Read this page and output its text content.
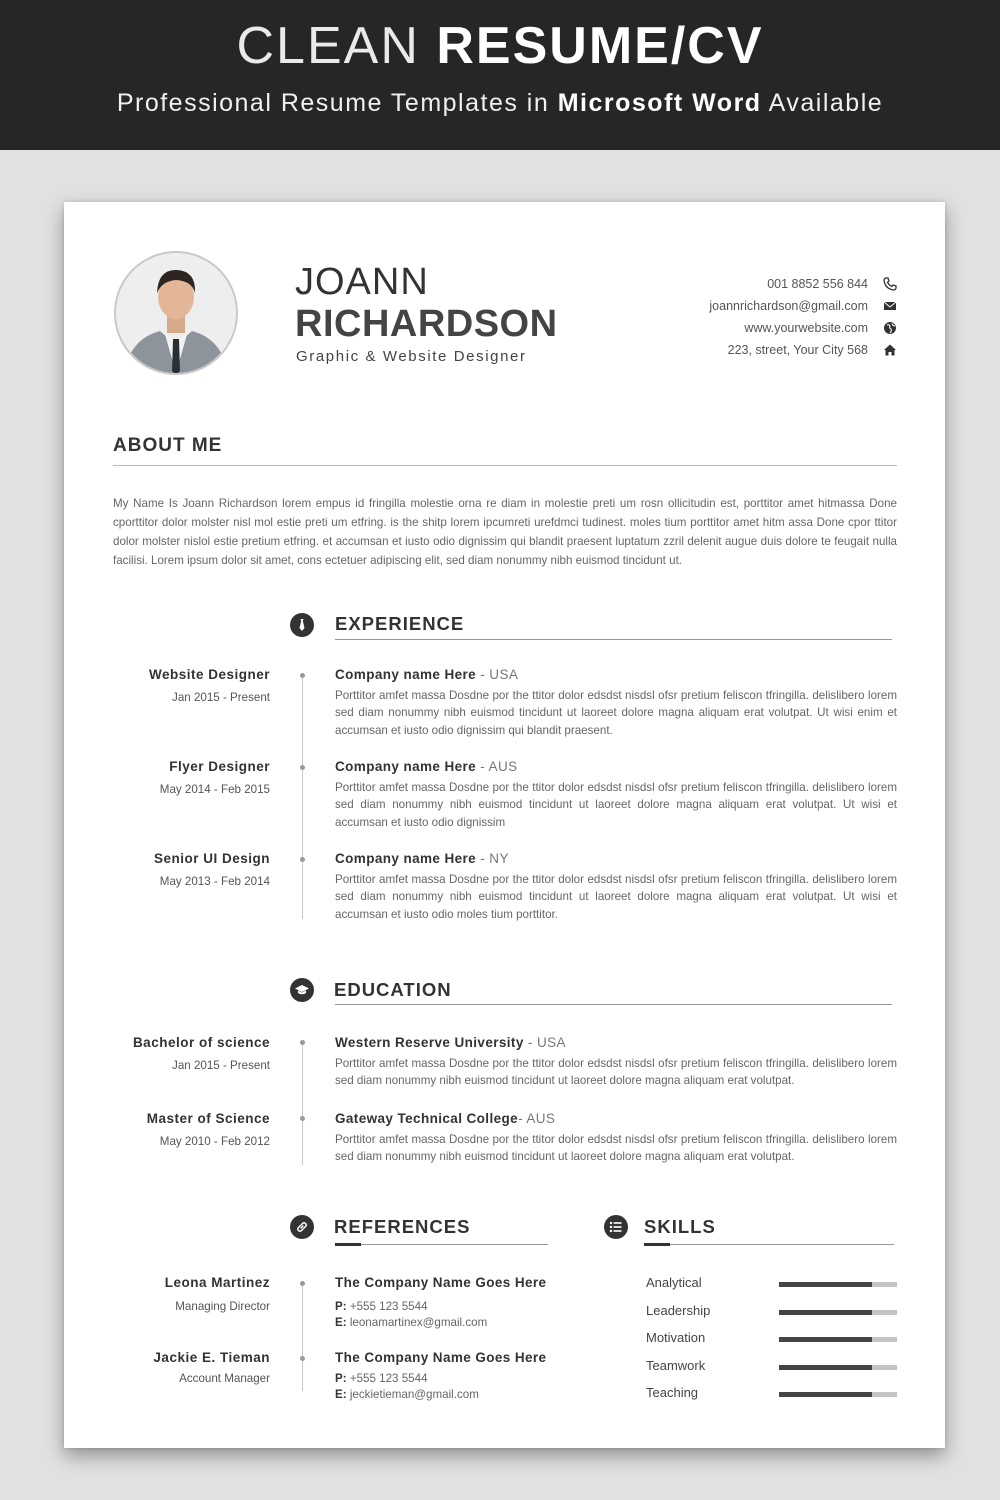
CLEAN RESUME/CV
Professional Resume Templates in Microsoft Word Available
JOANN
RICHARDSON
Graphic & Website Designer
001 8852 556 844
joannrichardson@gmail.com
www.yourwebsite.com
223, street, Your City 568
ABOUT ME
My Name Is Joann Richardson lorem empus id fringilla molestie orna re diam in molestie preti um rosn ollicitudin est, porttitor amet hitmassa Done cporttitor dolor molster nisl mol estie preti um etfring. is the shitp lorem ipcumreti urefdmci tudinest. moles tium porttitor amet hitm assa Done cpor ttitor dolor molster nislol estie pretium etfring. et accumsan et iusto odio dignissim qui blandit praesent luptatum zzril delenit augue duis dolore te feugait nulla facilisi. Lorem ipsum dolor sit amet, cons ectetuer adipiscing elit, sed diam nonummy nibh euismod tincidunt ut.
EXPERIENCE
Website Designer
Jan 2015 - Present
Company name Here - USA
Porttitor amfet massa Dosdne por the ttitor dolor edsdst nisdsl ofsr pretium feliscon tfringilla. delislibero lorem sed diam nonummy nibh euismod tincidunt ut laoreet dolore magna aliquam erat volutpat. Ut wisi enim et accumsan et iusto odio dignissim qui blandit praesent.
Flyer Designer
May 2014 - Feb 2015
Company name Here - AUS
Porttitor amfet massa Dosdne por the ttitor dolor edsdst nisdsl ofsr pretium feliscon tfringilla. delislibero lorem sed diam nonummy nibh euismod tincidunt ut laoreet dolore magna aliquam erat volutpat. Ut wisi et accumsan et iusto odio dignissim
Senior UI Design
May 2013 - Feb 2014
Company name Here - NY
Porttitor amfet massa Dosdne por the ttitor dolor edsdst nisdsl ofsr pretium feliscon tfringilla. delislibero lorem sed diam nonummy nibh euismod tincidunt ut laoreet dolore magna aliquam erat volutpat. Ut wisi et accumsan et iusto odio moles tium porttitor.
EDUCATION
Bachelor of science
Jan 2015 - Present
Western Reserve University - USA
Porttitor amfet massa Dosdne por the ttitor dolor edsdst nisdsl ofsr pretium feliscon tfringilla. delislibero lorem sed diam nonummy nibh euismod tincidunt ut laoreet dolore magna aliquam erat volutpat.
Master of Science
May 2010 - Feb 2012
Gateway Technical College- AUS
Porttitor amfet massa Dosdne por the ttitor dolor edsdst nisdsl ofsr pretium feliscon tfringilla. delislibero lorem sed diam nonummy nibh euismod tincidunt ut laoreet dolore magna aliquam erat volutpat.
REFERENCES
Leona Martinez
Managing Director
The Company Name Goes Here
P: +555 123 5544
E: leonamartinex@gmail.com
Jackie E. Tieman
Account Manager
The Company Name Goes Here
P: +555 123 5544
E: jeckietieman@gmail.com
SKILLS
Analytical
Leadership
Motivation
Teamwork
Teaching
